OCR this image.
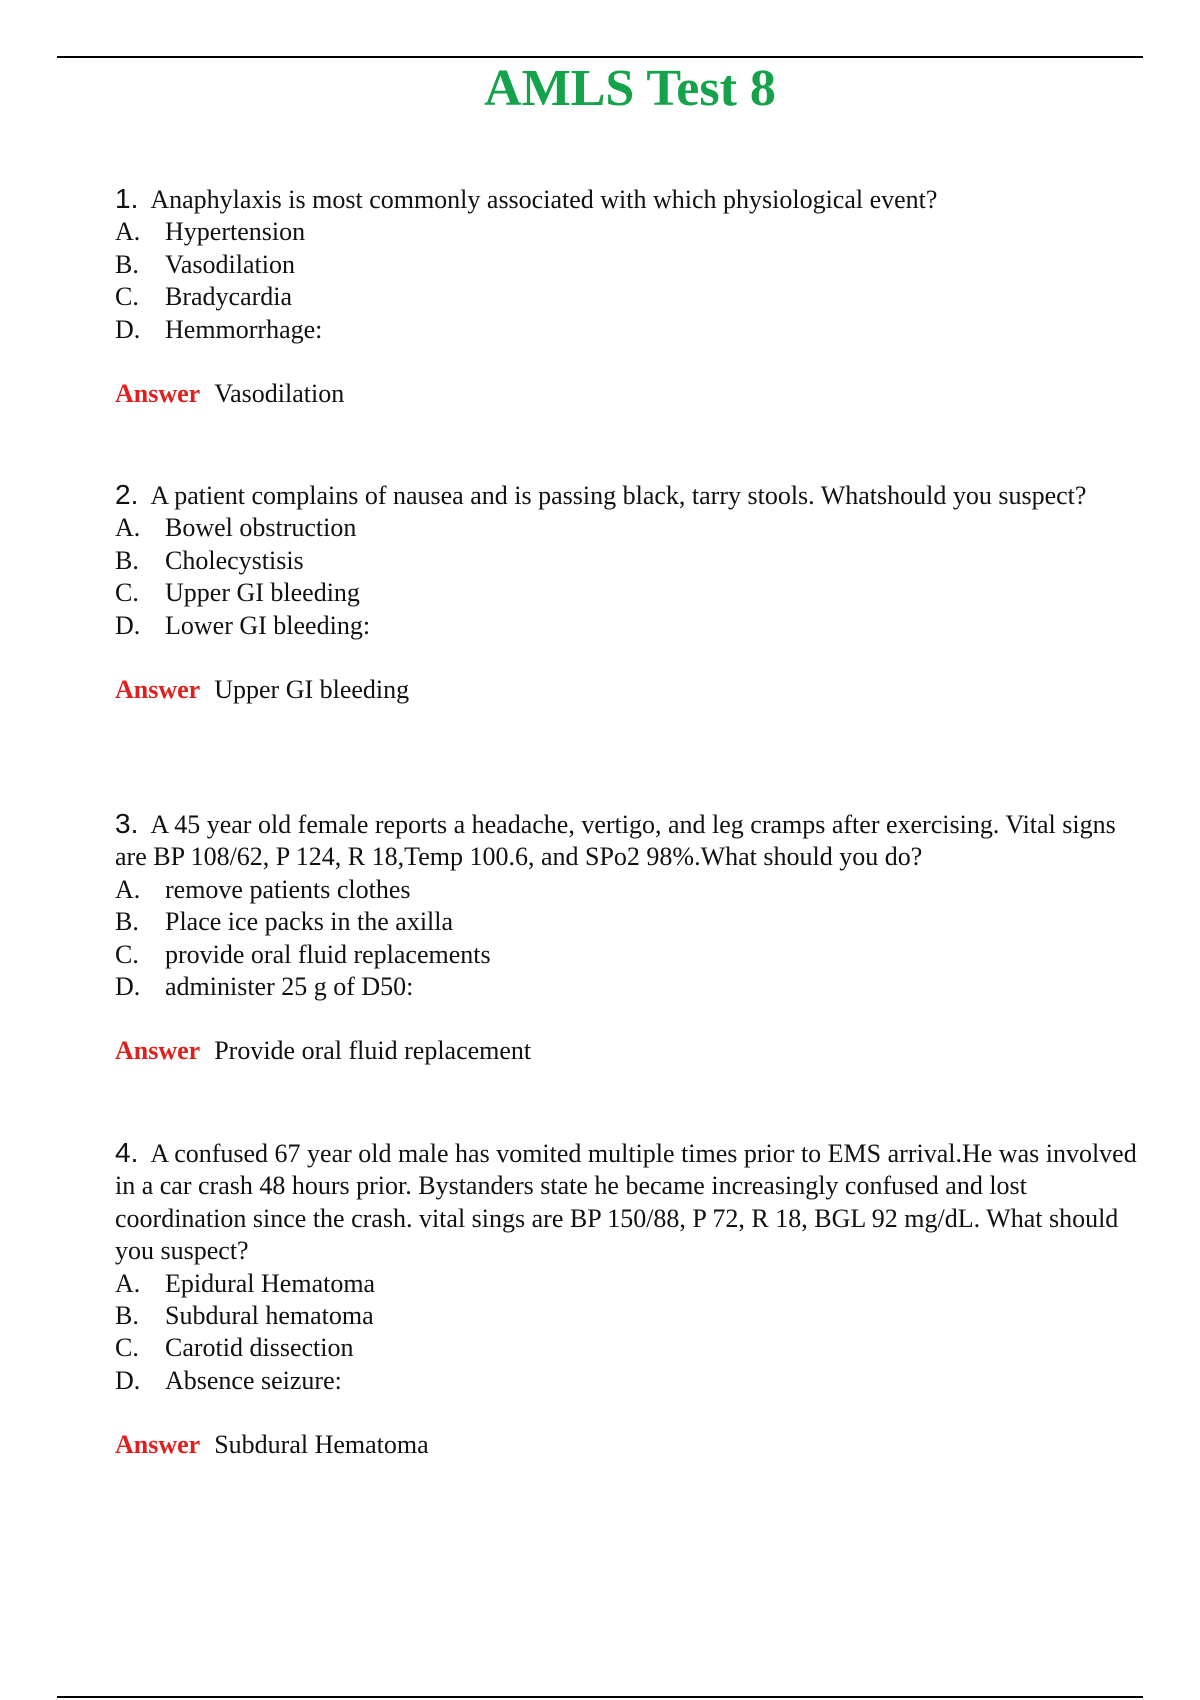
AMLS Test 8

1. Anaphylaxis is most commonly associated with which physiological event?

A. Hypertension
B.	Vasodilation
C.	Bradycardia
D. Hemmorrhage:
Answer Vasodilation

2. A patient complains of nausea and is passing black, tarry stools. Whatshould you suspect?

A. Bowel obstruction
B.	Cholecystisis
C.	Upper GI bleeding
D. Lower GI bleeding:
Answer Upper GI bleeding

3. A 45 year old female reports a headache, vertigo, and leg cramps after exercising. Vital signs are BP 108/62, P 124, R 18,Temp 100.6, and SPo2 98%.What should you do?

A. remove patients clothes
B.	Place ice packs in the axilla
C.	provide oral fluid replacements
D. administer 25 g of D50:
Answer Provide oral fluid replacement

4. A confused 67 year old male has vomited multiple times prior to EMS arrival.He was involved in a car crash 48 hours prior. Bystanders state he became increasingly confused and lost coordination since the crash. vital sings are BP 150/88, P 72, R 18, BGL 92 mg/dL. What should you suspect?

A. Epidural Hematoma
B.	Subdural hematoma
C.	Carotid dissection
D. Absence seizure:
Answer Subdural Hematoma
